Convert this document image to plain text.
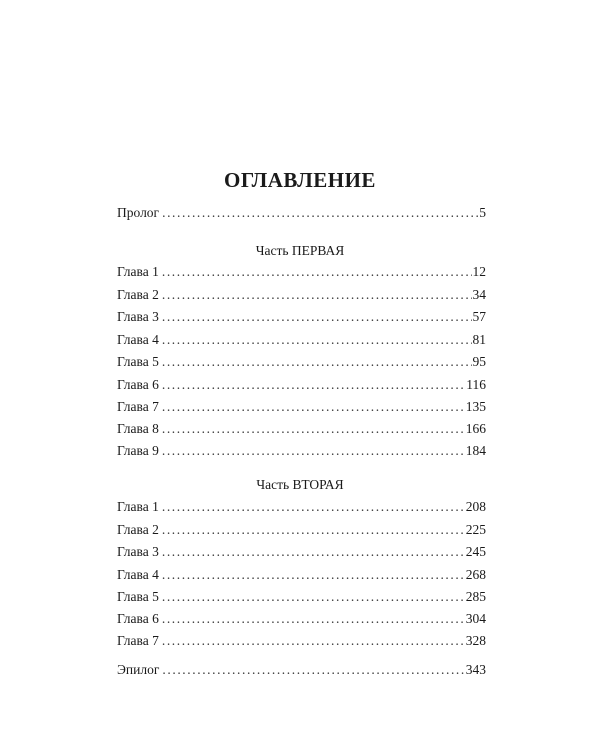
ОГЛАВЛЕНИЕ
Пролог .....	5
Часть ПЕРВАЯ
Глава 1 .....	12
Глава 2 .....	34
Глава 3 .....	57
Глава 4 .....	81
Глава 5 .....	95
Глава 6 .....	116
Глава 7 .....	135
Глава 8 .....	166
Глава 9 .....	184
Часть ВТОРАЯ
Глава 1 .....	208
Глава 2 .....	225
Глава 3 .....	245
Глава 4 .....	268
Глава 5 .....	285
Глава 6 .....	304
Глава 7 .....	328
Эпилог .....	343
